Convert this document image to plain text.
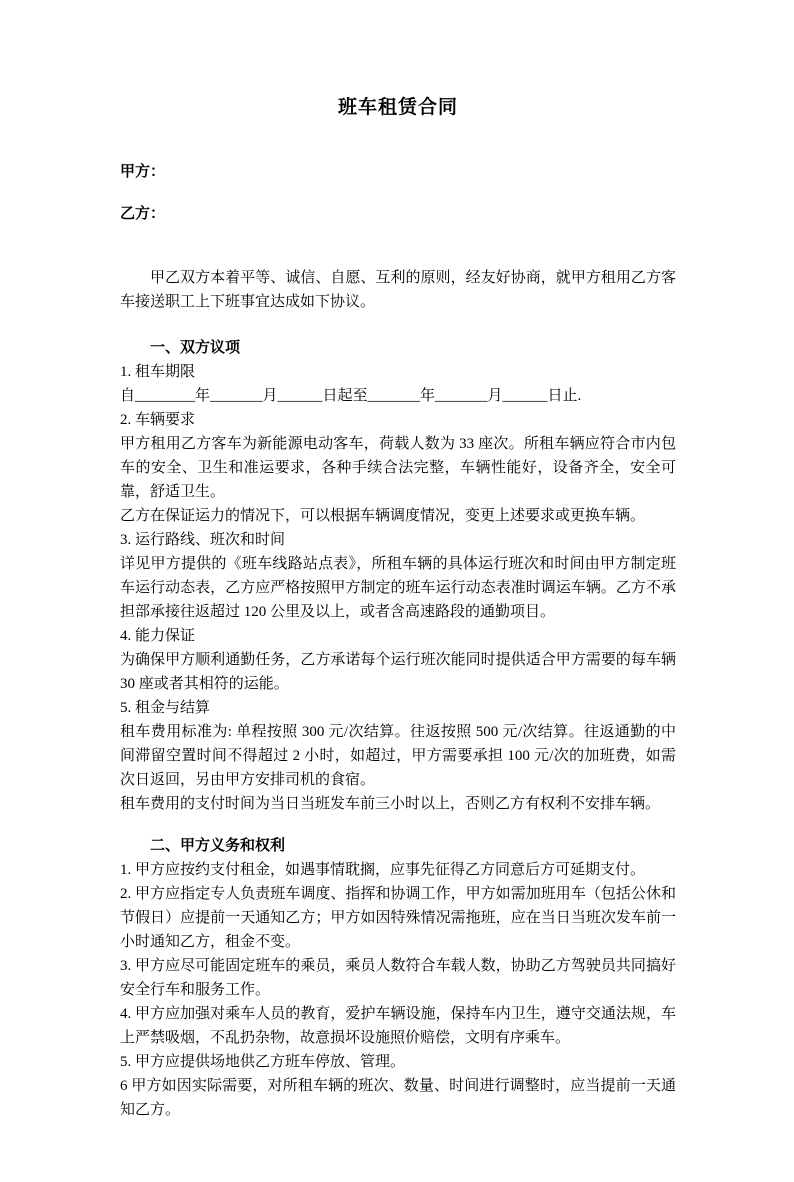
班车租赁合同

甲方：

乙方：

甲乙双方本着平等、诚信、自愿、互利的原则，经友好协商，就甲方租用乙方客车接送职工上下班事宜达成如下协议。

一、双方议项

1. 租车期限

自________年_______月______日起至_______年_______月______日止.

2. 车辆要求

甲方租用乙方客车为新能源电动客车，荷载人数为 33 座次。所租车辆应符合市内包车的安全、卫生和准运要求，各种手续合法完整，车辆性能好，设备齐全，安全可靠，舒适卫生。

乙方在保证运力的情况下，可以根据车辆调度情况，变更上述要求或更换车辆。

3. 运行路线、班次和时间

详见甲方提供的《班车线路站点表》，所租车辆的具体运行班次和时间由甲方制定班车运行动态表，乙方应严格按照甲方制定的班车运行动态表准时调运车辆。乙方不承担部承接往返超过 120 公里及以上，或者含高速路段的通勤项目。

4. 能力保证

为确保甲方顺利通勤任务，乙方承诺每个运行班次能同时提供适合甲方需要的每车辆 30 座或者其相符的运能。

5. 租金与结算

租车费用标准为: 单程按照 300 元/次结算。往返按照 500 元/次结算。往返通勤的中间滞留空置时间不得超过 2 小时，如超过，甲方需要承担 100 元/次的加班费，如需次日返回，另由甲方安排司机的食宿。

租车费用的支付时间为当日当班发车前三小时以上，否则乙方有权利不安排车辆。

二、甲方义务和权利

1. 甲方应按约支付租金，如遇事情耽搁，应事先征得乙方同意后方可延期支付。

2. 甲方应指定专人负责班车调度、指挥和协调工作，甲方如需加班用车（包括公休和节假日）应提前一天通知乙方；甲方如因特殊情况需拖班，应在当日当班次发车前一小时通知乙方，租金不变。

3. 甲方应尽可能固定班车的乘员，乘员人数符合车载人数，协助乙方驾驶员共同搞好安全行车和服务工作。

4. 甲方应加强对乘车人员的教育，爱护车辆设施，保持车内卫生，遵守交通法规，车上严禁吸烟，不乱扔杂物，故意损坏设施照价赔偿，文明有序乘车。

5. 甲方应提供场地供乙方班车停放、管理。

6 甲方如因实际需要，对所租车辆的班次、数量、时间进行调整时，应当提前一天通知乙方。
